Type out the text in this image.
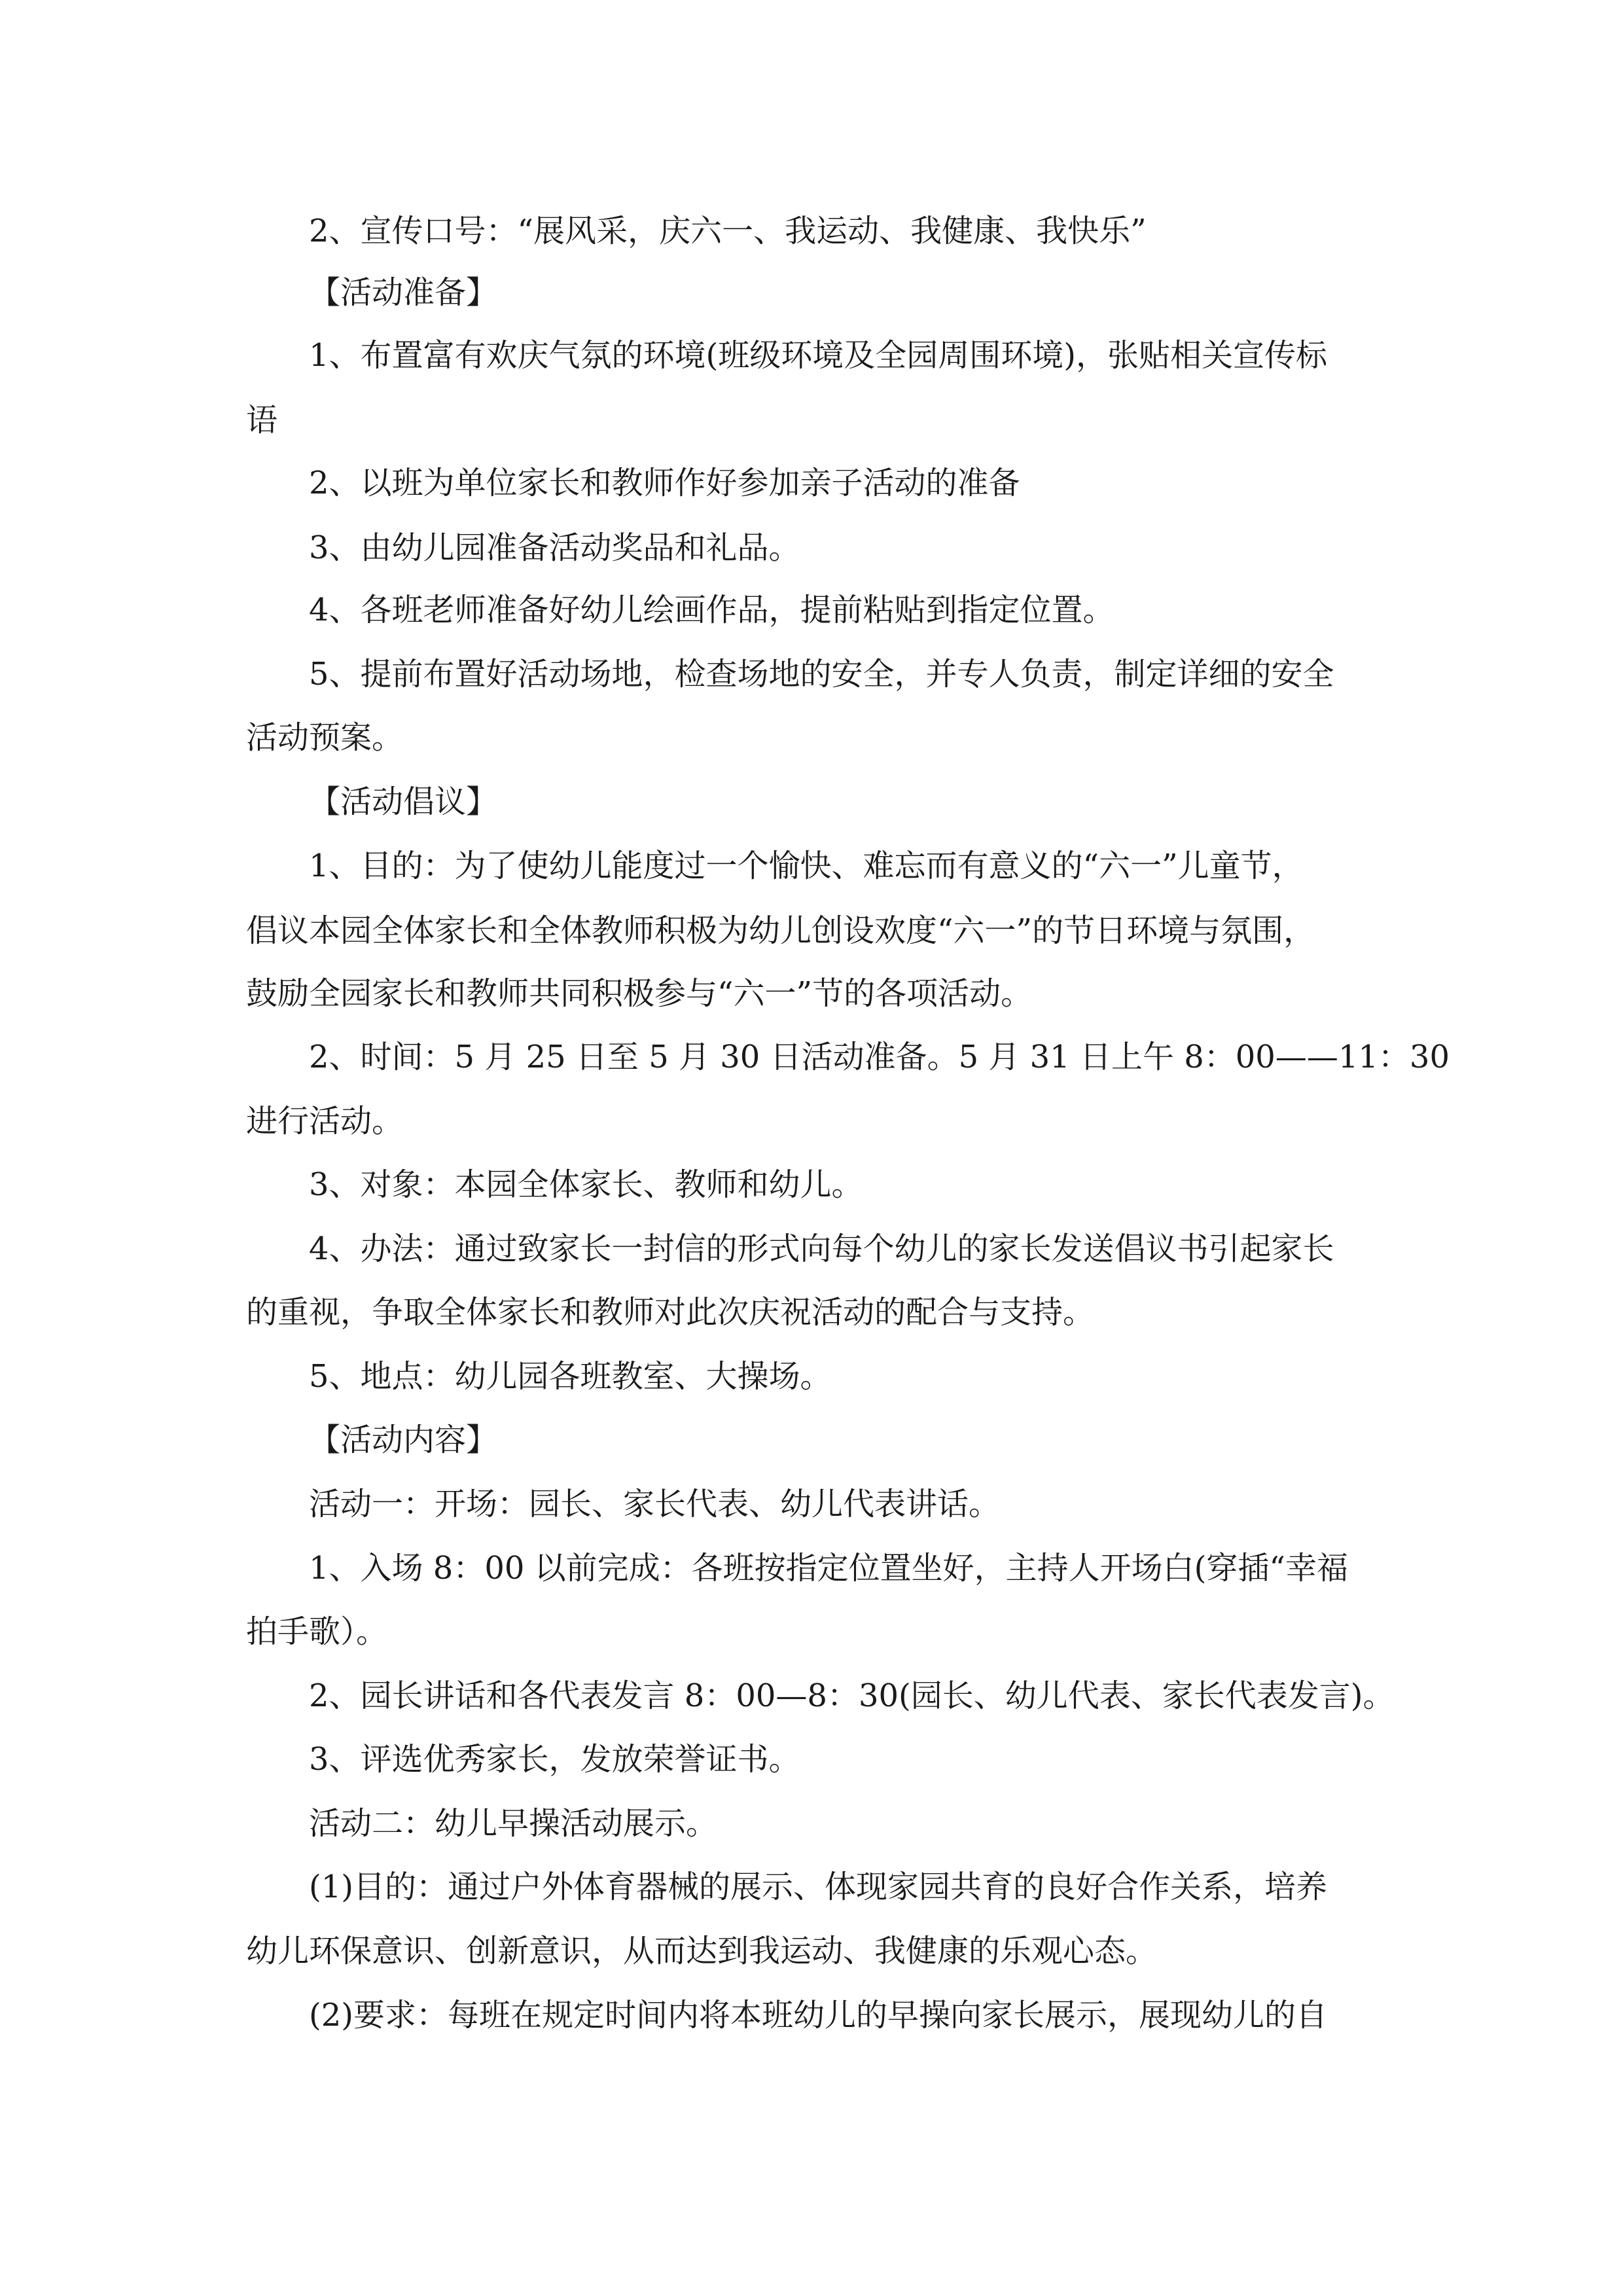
2、宣传口号：“展风采，庆六一、我运动、我健康、我快乐”
【活动准备】
1、布置富有欢庆气氛的环境(班级环境及全园周围环境)，张贴相关宣传标
语
2、以班为单位家长和教师作好参加亲子活动的准备
3、由幼儿园准备活动奖品和礼品。
4、各班老师准备好幼儿绘画作品，提前粘贴到指定位置。
5、提前布置好活动场地，检查场地的安全，并专人负责，制定详细的安全
活动预案。
【活动倡议】
1、目的：为了使幼儿能度过一个愉快、难忘而有意义的“六一”儿童节，
倡议本园全体家长和全体教师积极为幼儿创设欢度“六一”的节日环境与氛围，
鼓励全园家长和教师共同积极参与“六一”节的各项活动。
2、时间：5 月 25 日至 5 月 30 日活动准备。5 月 31 日上午 8：00——11：30
进行活动。
3、对象：本园全体家长、教师和幼儿。
4、办法：通过致家长一封信的形式向每个幼儿的家长发送倡议书引起家长
的重视，争取全体家长和教师对此次庆祝活动的配合与支持。
5、地点：幼儿园各班教室、大操场。
【活动内容】
活动一：开场：园长、家长代表、幼儿代表讲话。
1、入场 8：00 以前完成：各班按指定位置坐好，主持人开场白(穿插“幸福
拍手歌）。
2、园长讲话和各代表发言 8：00—8：30(园长、幼儿代表、家长代表发言)。
3、评选优秀家长，发放荣誉证书。
活动二：幼儿早操活动展示。
(1)目的：通过户外体育器械的展示、体现家园共育的良好合作关系，培养
幼儿环保意识、创新意识，从而达到我运动、我健康的乐观心态。
(2)要求：每班在规定时间内将本班幼儿的早操向家长展示，展现幼儿的自
